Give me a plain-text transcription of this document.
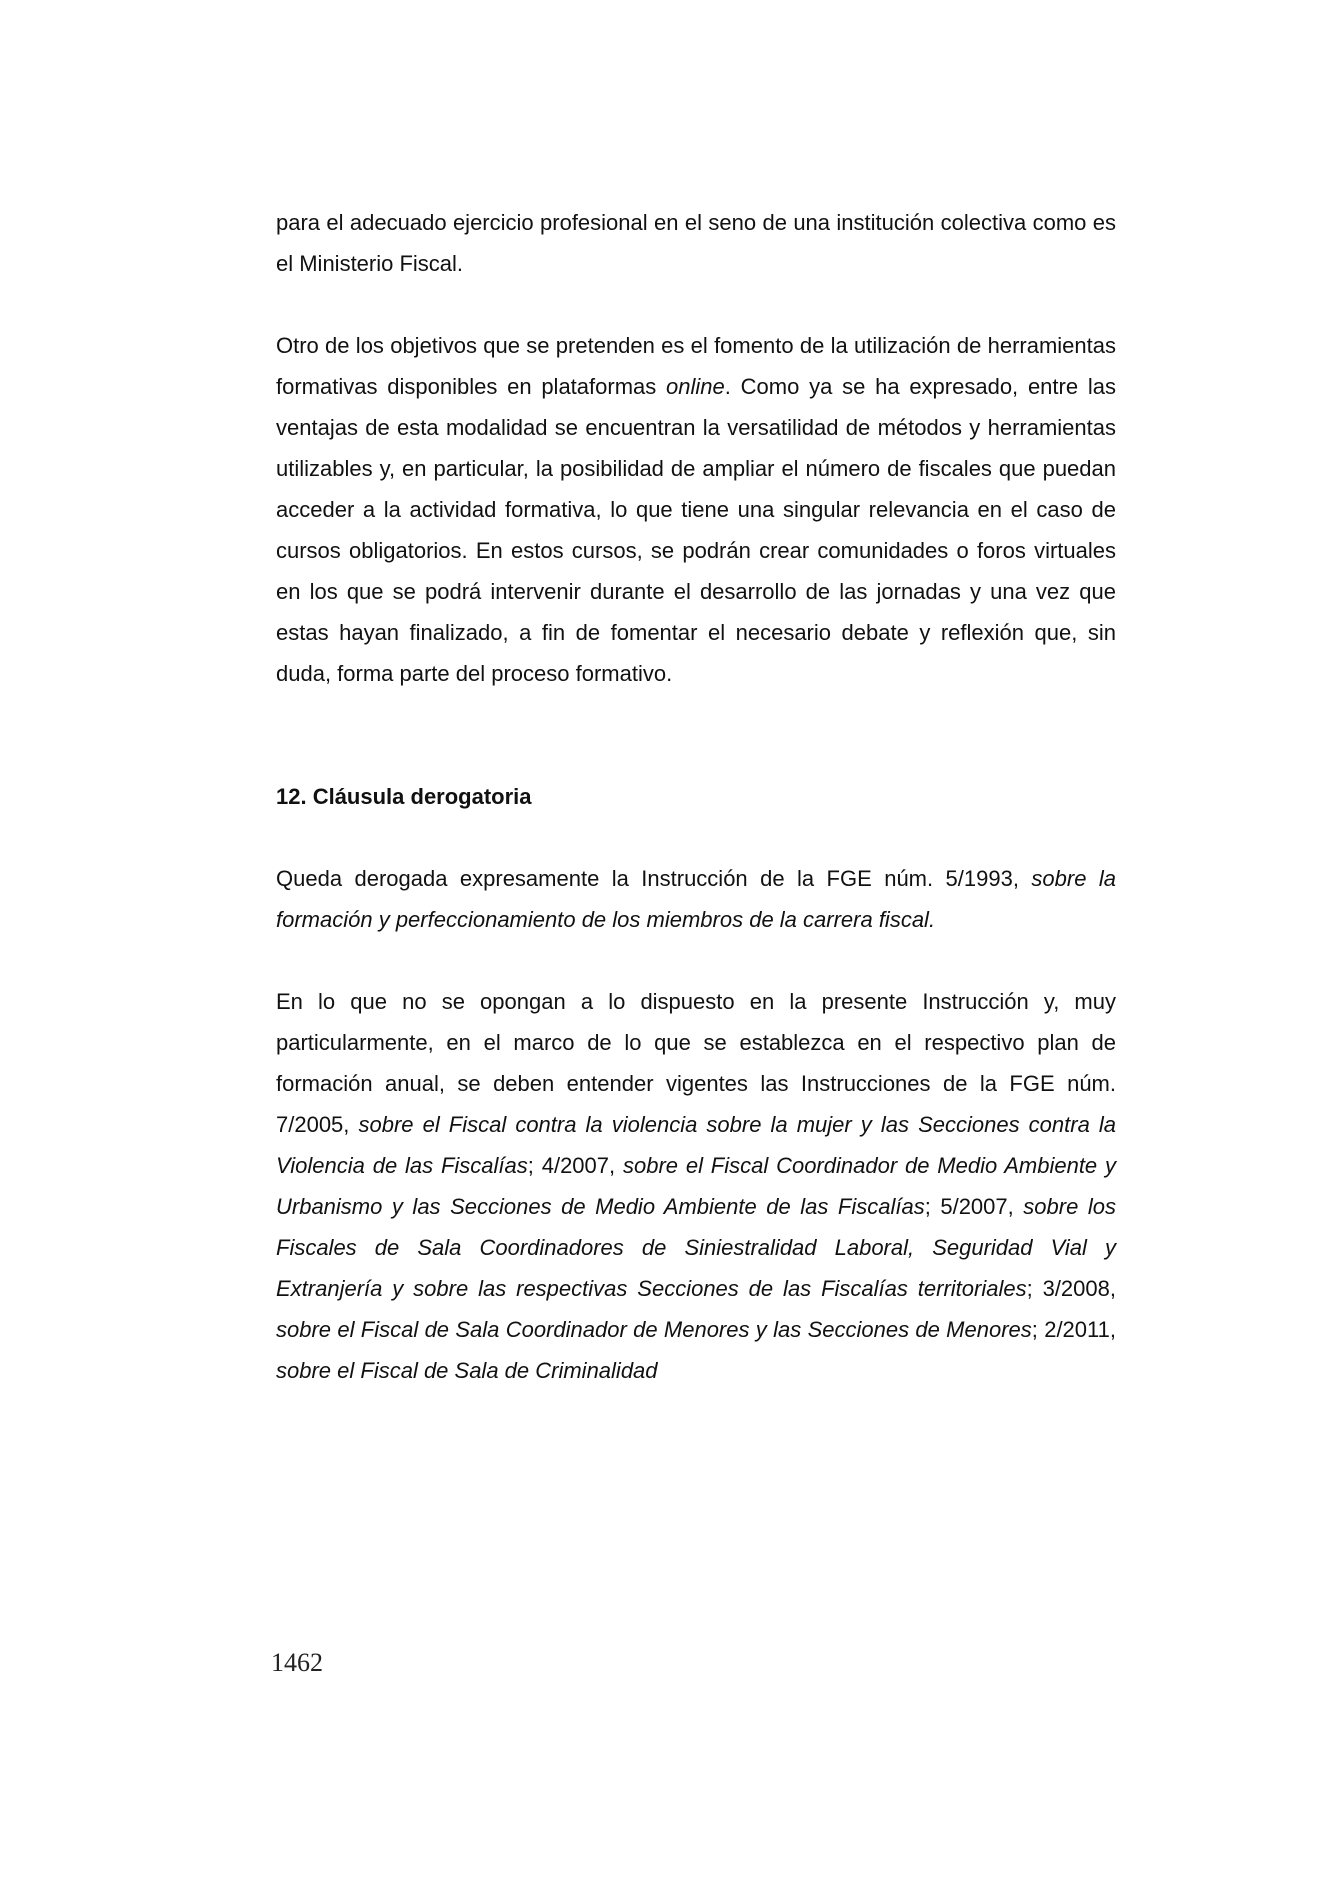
para el adecuado ejercicio profesional en el seno de una institución colectiva como es el Ministerio Fiscal.

Otro de los objetivos que se pretenden es el fomento de la utilización de herramientas formativas disponibles en plataformas online. Como ya se ha expresado, entre las ventajas de esta modalidad se encuentran la versatilidad de métodos y herramientas utilizables y, en particular, la posibilidad de ampliar el número de fiscales que puedan acceder a la actividad formativa, lo que tiene una singular relevancia en el caso de cursos obligatorios. En estos cursos, se podrán crear comunidades o foros virtuales en los que se podrá intervenir durante el desarrollo de las jornadas y una vez que estas hayan finalizado, a fin de fomentar el necesario debate y reflexión que, sin duda, forma parte del proceso formativo.

12. Cláusula derogatoria

Queda derogada expresamente la Instrucción de la FGE núm. 5/1993, sobre la formación y perfeccionamiento de los miembros de la carrera fiscal.

En lo que no se opongan a lo dispuesto en la presente Instrucción y, muy particularmente, en el marco de lo que se establezca en el respectivo plan de formación anual, se deben entender vigentes las Instrucciones de la FGE núm. 7/2005, sobre el Fiscal contra la violencia sobre la mujer y las Secciones contra la Violencia de las Fiscalías; 4/2007, sobre el Fiscal Coordinador de Medio Ambiente y Urbanismo y las Secciones de Medio Ambiente de las Fiscalías; 5/2007, sobre los Fiscales de Sala Coordinadores de Siniestralidad Laboral, Seguridad Vial y Extranjería y sobre las respectivas Secciones de las Fiscalías territoriales; 3/2008, sobre el Fiscal de Sala Coordinador de Menores y las Secciones de Menores; 2/2011, sobre el Fiscal de Sala de Criminalidad

1462
